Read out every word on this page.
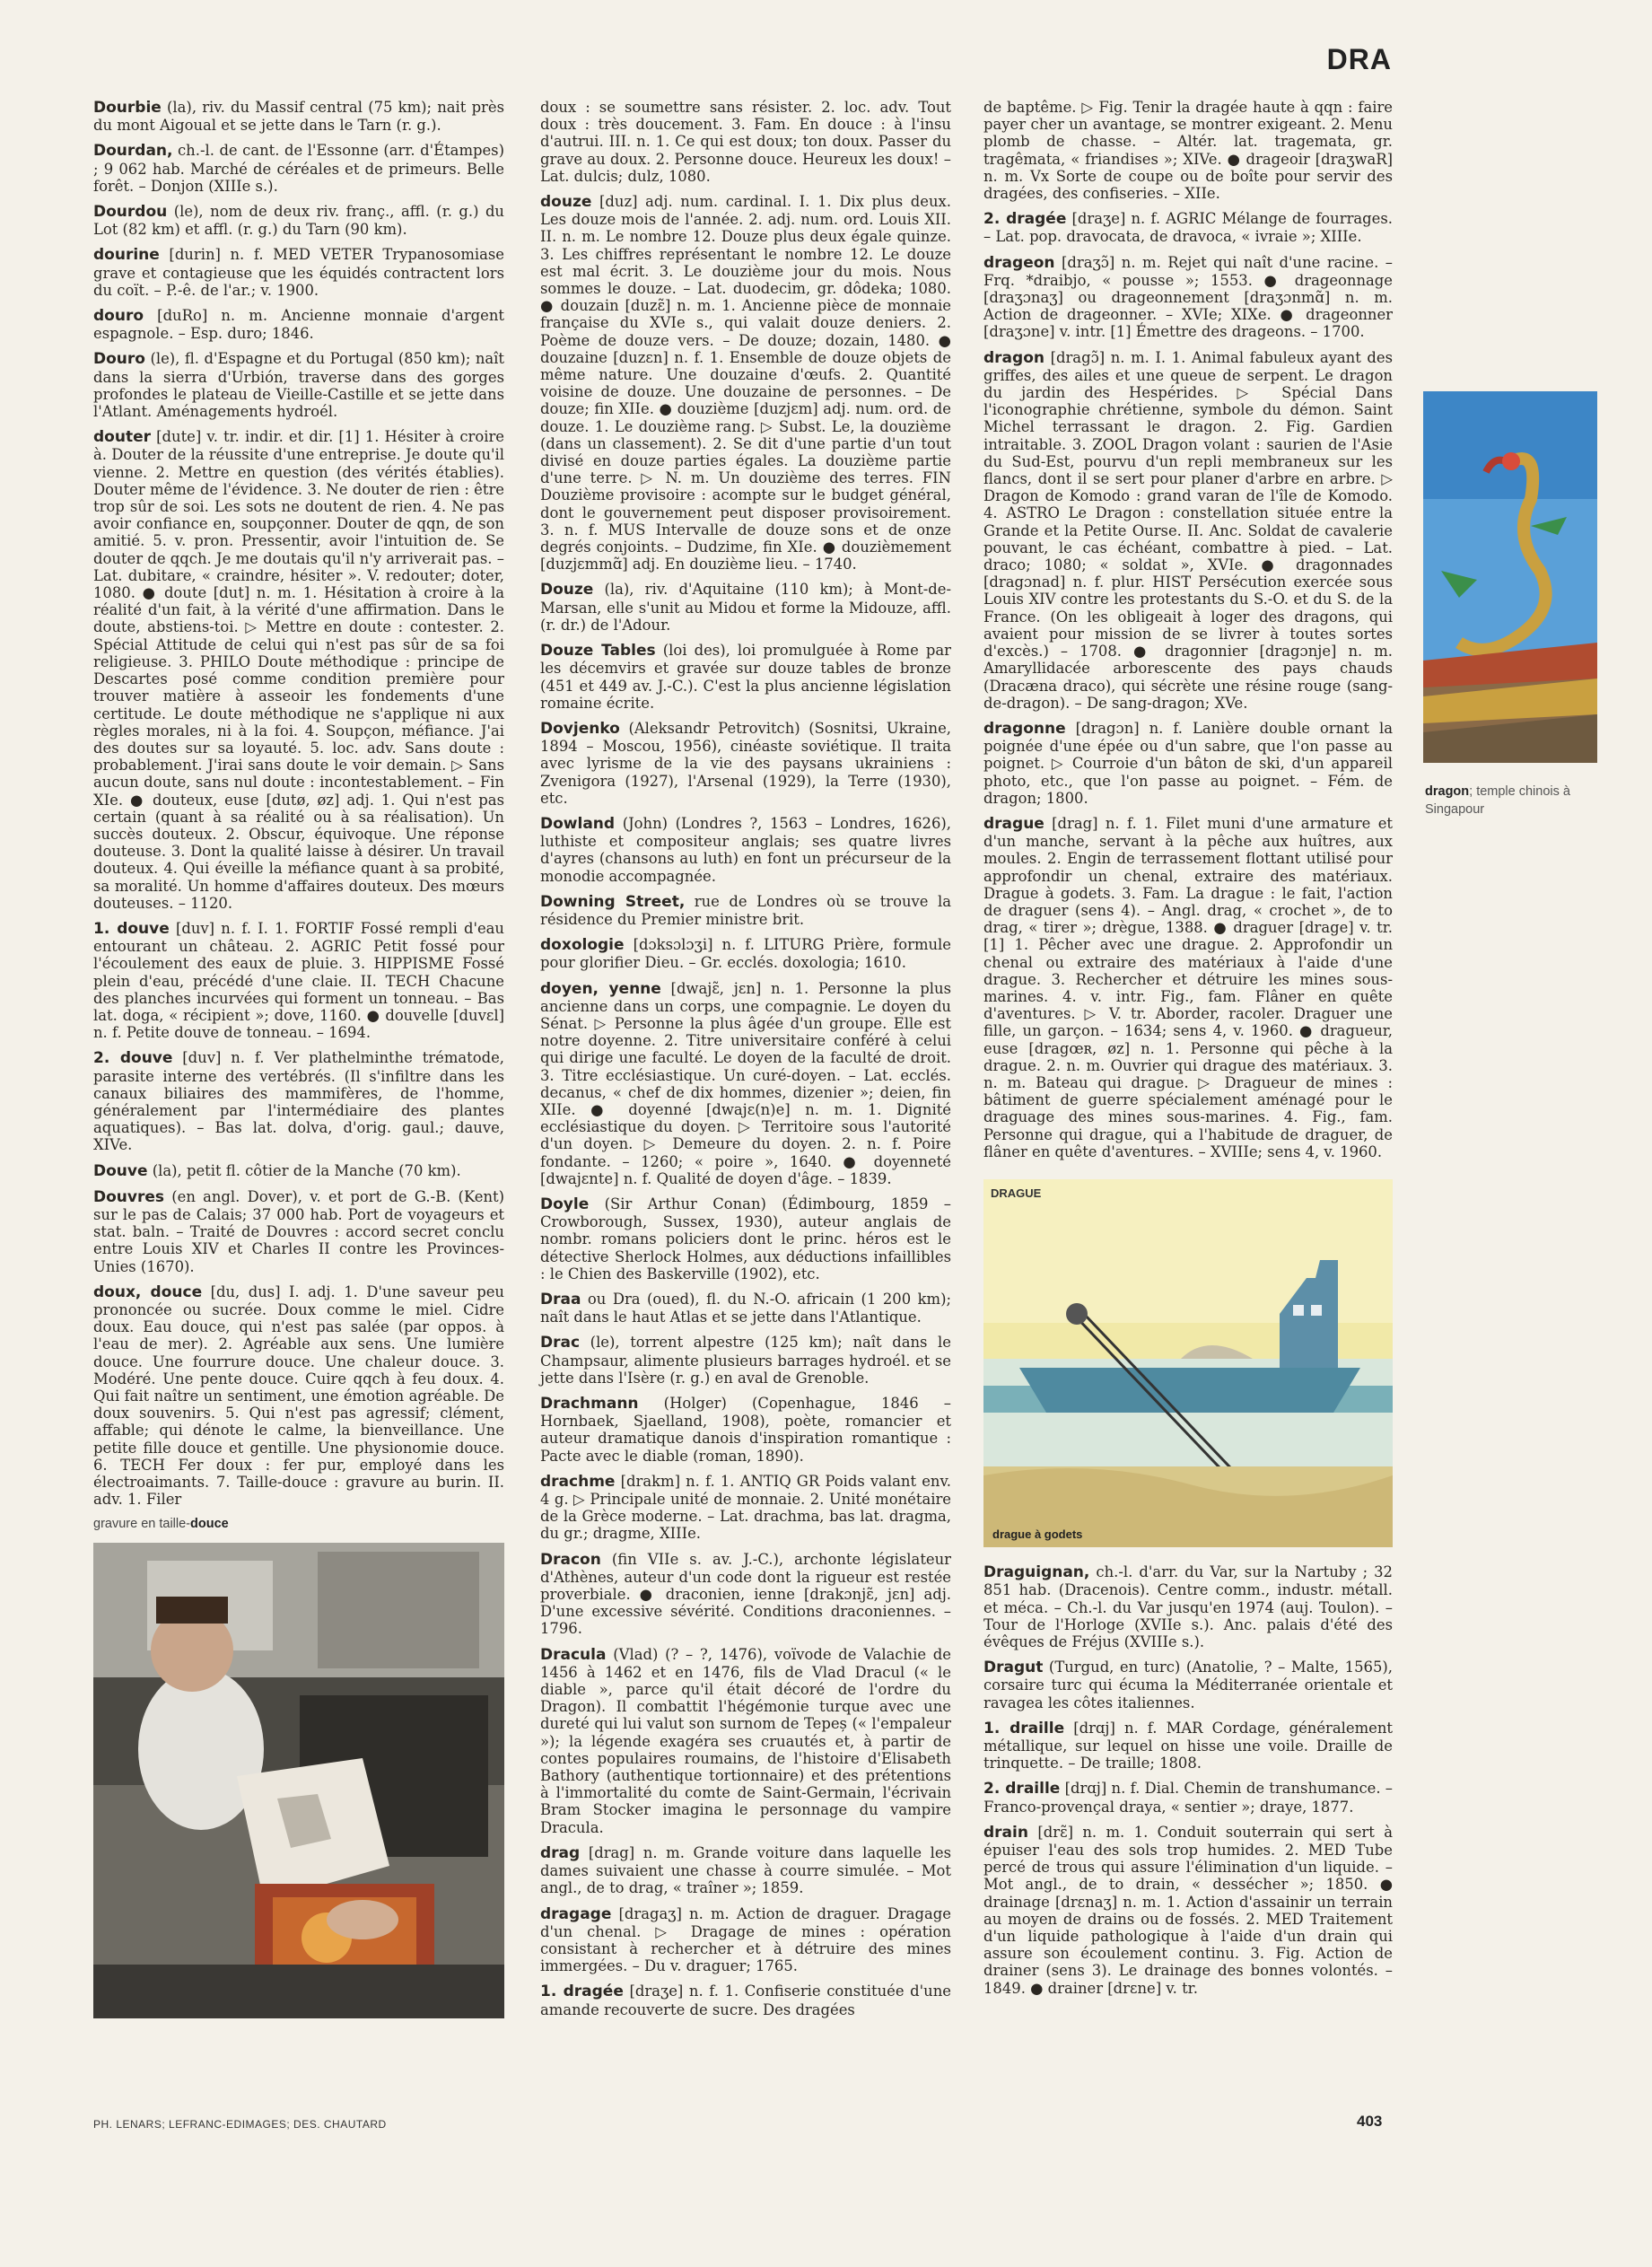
DRA

Dourbie (la), riv. du Massif central (75 km); nait près du mont Aigoual et se jette dans le Tarn (r. g.).

Dourdan, ch.-l. de cant. de l'Essonne (arr. d'Étampes) ; 9 062 hab. Marché de céréales et de primeurs. Belle forêt. – Donjon (XIIIe s.).

Dourdou (le), nom de deux riv. franç., affl. (r. g.) du Lot (82 km) et affl. (r. g.) du Tarn (90 km).

dourine [durin] n. f. MED VETER Trypanosomiase grave et contagieuse que les équidés contractent lors du coït. – P.-ê. de l'ar.; v. 1900.

douro [duRo] n. m. Ancienne monnaie d'argent espagnole. – Esp. duro; 1846.

Douro (le), fl. d'Espagne et du Portugal (850 km); naît dans la sierra d'Urbión, traverse dans des gorges profondes le plateau de Vieille-Castille et se jette dans l'Atlant. Aménagements hydroél.

douter [dute] v. tr. indir. et dir. [1] 1. Hésiter à croire à. Douter de la réussite d'une entreprise. Je doute qu'il vienne. 2. Mettre en question (des vérités établies). Douter même de l'évidence. 3. Ne douter de rien : être trop sûr de soi. Les sots ne doutent de rien. 4. Ne pas avoir confiance en, soupçonner. Douter de qqn, de son amitié. 5. v. pron. Pressentir, avoir l'intuition de. Se douter de qqch. Je me doutais qu'il n'y arriverait pas. – Lat. dubitare, « craindre, hésiter ». V. redouter; doter, 1080. ● doute [dut] n. m. 1. Hésitation à croire à la réalité d'un fait, à la vérité d'une affirmation. Dans le doute, abstiens-toi. ▷ Mettre en doute : contester. 2. Spécial Attitude de celui qui n'est pas sûr de sa foi religieuse. 3. PHILO Doute méthodique : principe de Descartes posé comme condition première pour trouver matière à asseoir les fondements d'une certitude. Le doute méthodique ne s'applique ni aux règles morales, ni à la foi. 4. Soupçon, méfiance. J'ai des doutes sur sa loyauté. 5. loc. adv. Sans doute : probablement. J'irai sans doute le voir demain. ▷ Sans aucun doute, sans nul doute : incontestablement. – Fin XIe. ● douteux, euse [dutø, øz] adj. 1. Qui n'est pas certain (quant à sa réalité ou à sa réalisation). Un succès douteux. 2. Obscur, équivoque. Une réponse douteuse. 3. Dont la qualité laisse à désirer. Un travail douteux. 4. Qui éveille la méfiance quant à sa probité, sa moralité. Un homme d'affaires douteux. Des mœurs douteuses. – 1120.

1. douve [duv] n. f. I. 1. FORTIF Fossé rempli d'eau entourant un château. 2. AGRIC Petit fossé pour l'écoulement des eaux de pluie. 3. HIPPISME Fossé plein d'eau, précédé d'une claie. II. TECH Chacune des planches incurvées qui forment un tonneau. – Bas lat. doga, « récipient »; dove, 1160. ● douvelle [duvɛl] n. f. Petite douve de tonneau. – 1694.

2. douve [duv] n. f. Ver plathelminthe trématode, parasite interne des vertébrés. (Il s'infiltre dans les canaux biliaires des mammifères, de l'homme, généralement par l'intermédiaire des plantes aquatiques). – Bas lat. dolva, d'orig. gaul.; dauve, XIVe.

Douve (la), petit fl. côtier de la Manche (70 km).

Douvres (en angl. Dover), v. et port de G.-B. (Kent) sur le pas de Calais; 37 000 hab. Port de voyageurs et stat. baln. – Traité de Douvres : accord secret conclu entre Louis XIV et Charles II contre les Provinces-Unies (1670).

doux, douce [du, dus] I. adj. 1. D'une saveur peu prononcée ou sucrée. Doux comme le miel. Cidre doux. Eau douce, qui n'est pas salée (par oppos. à l'eau de mer). 2. Agréable aux sens. Une lumière douce. Une fourrure douce. Une chaleur douce. 3. Modéré. Une pente douce. Cuire qqch à feu doux. 4. Qui fait naître un sentiment, une émotion agréable. De doux souvenirs. 5. Qui n'est pas agressif; clément, affable; qui dénote le calme, la bienveillance. Une petite fille douce et gentille. Une physionomie douce. 6. TECH Fer doux : fer pur, employé dans les électroaimants. 7. Taille-douce : gravure au burin. II. adv. 1. Filer

gravure en taille-douce

doux : se soumettre sans résister. 2. loc. adv. Tout doux : très doucement. 3. Fam. En douce : à l'insu d'autrui. III. n. 1. Ce qui est doux; ton doux. Passer du grave au doux. 2. Personne douce. Heureux les doux! – Lat. dulcis; dulz, 1080.

douze [duz] adj. num. cardinal. I. 1. Dix plus deux. Les douze mois de l'année. 2. adj. num. ord. Louis XII. II. n. m. Le nombre 12. Douze plus deux égale quinze. 3. Les chiffres représentant le nombre 12. Le douze est mal écrit. 3. Le douzième jour du mois. Nous sommes le douze. – Lat. duodecim, gr. dôdeka; 1080. ● douzain [duzɛ̃] n. m. 1. Ancienne pièce de monnaie française du XVIe s., qui valait douze deniers. 2. Poème de douze vers. – De douze; dozain, 1480. ● douzaine [duzɛn] n. f. 1. Ensemble de douze objets de même nature. Une douzaine d'œufs. 2. Quantité voisine de douze. Une douzaine de personnes. – De douze; fin XIIe. ● douzième [duzjɛm] adj. num. ord. de douze. 1. Le douzième rang. ▷ Subst. Le, la douzième (dans un classement). 2. Se dit d'une partie d'un tout divisé en douze parties égales. La douzième partie d'une terre. ▷ N. m. Un douzième des terres. FIN Douzième provisoire : acompte sur le budget général, dont le gouvernement peut disposer provisoirement. 3. n. f. MUS Intervalle de douze sons et de onze degrés conjoints. – Dudzime, fin XIe. ● douzièmement [duzjɛmmɑ̃] adj. En douzième lieu. – 1740.

Douze (la), riv. d'Aquitaine (110 km); à Mont-de-Marsan, elle s'unit au Midou et forme la Midouze, affl. (r. dr.) de l'Adour.

Douze Tables (loi des), loi promulguée à Rome par les décemvirs et gravée sur douze tables de bronze (451 et 449 av. J.-C.). C'est la plus ancienne législation romaine écrite.

Dovjenko (Aleksandr Petrovitch) (Sosnitsi, Ukraine, 1894 – Moscou, 1956), cinéaste soviétique. Il traita avec lyrisme de la vie des paysans ukrainiens : Zvenigora (1927), l'Arsenal (1929), la Terre (1930), etc.

Dowland (John) (Londres ?, 1563 – Londres, 1626), luthiste et compositeur anglais; ses quatre livres d'ayres (chansons au luth) en font un précurseur de la monodie accompagnée.

Downing Street, rue de Londres où se trouve la résidence du Premier ministre brit.

doxologie [dɔksɔlɔʒi] n. f. LITURG Prière, formule pour glorifier Dieu. – Gr. ecclés. doxologia; 1610.

doyen, yenne [dwajɛ̃, jɛn] n. 1. Personne la plus ancienne dans un corps, une compagnie. Le doyen du Sénat. ▷ Personne la plus âgée d'un groupe. Elle est notre doyenne. 2. Titre universitaire conféré à celui qui dirige une faculté. Le doyen de la faculté de droit. 3. Titre ecclésiastique. Un curé-doyen. – Lat. ecclés. decanus, « chef de dix hommes, dizenier »; deien, fin XIIe. ● doyenné [dwajɛ(n)e] n. m. 1. Dignité ecclésiastique du doyen. ▷ Territoire sous l'autorité d'un doyen. ▷ Demeure du doyen. 2. n. f. Poire fondante. – 1260; « poire », 1640. ● doyenneté [dwajɛnte] n. f. Qualité de doyen d'âge. – 1839.

Doyle (Sir Arthur Conan) (Édimbourg, 1859 – Crowborough, Sussex, 1930), auteur anglais de nombr. romans policiers dont le princ. héros est le détective Sherlock Holmes, aux déductions infaillibles : le Chien des Baskerville (1902), etc.

Draa ou Dra (oued), fl. du N.-O. africain (1 200 km); naît dans le haut Atlas et se jette dans l'Atlantique.

Drac (le), torrent alpestre (125 km); naît dans le Champsaur, alimente plusieurs barrages hydroél. et se jette dans l'Isère (r. g.) en aval de Grenoble.

Drachmann (Holger) (Copenhague, 1846 – Hornbaek, Sjaelland, 1908), poète, romancier et auteur dramatique danois d'inspiration romantique : Pacte avec le diable (roman, 1890).

drachme [drakm] n. f. 1. ANTIQ GR Poids valant env. 4 g. ▷ Principale unité de monnaie. 2. Unité monétaire de la Grèce moderne. – Lat. drachma, bas lat. dragma, du gr.; dragme, XIIIe.

Dracon (fin VIIe s. av. J.-C.), archonte législateur d'Athènes, auteur d'un code dont la rigueur est restée proverbiale. ● draconien, ienne [drakɔnjɛ̃, jɛn] adj. D'une excessive sévérité. Conditions draconiennes. – 1796.

Dracula (Vlad) (? – ?, 1476), voïvode de Valachie de 1456 à 1462 et en 1476, fils de Vlad Dracul (« le diable », parce qu'il était décoré de l'ordre du Dragon). Il combattit l'hégémonie turque avec une dureté qui lui valut son surnom de Tepeș (« l'empaleur »); la légende exagéra ses cruautés et, à partir de contes populaires roumains, de l'histoire d'Elisabeth Bathory (authentique tortionnaire) et des prétentions à l'immortalité du comte de Saint-Germain, l'écrivain Bram Stocker imagina le personnage du vampire Dracula.

drag [drag] n. m. Grande voiture dans laquelle les dames suivaient une chasse à courre simulée. – Mot angl., de to drag, « traîner »; 1859.

dragage [dragaʒ] n. m. Action de draguer. Dragage d'un chenal. ▷ Dragage de mines : opération consistant à rechercher et à détruire des mines immergées. – Du v. draguer; 1765.

1. dragée [draʒe] n. f. 1. Confiserie constituée d'une amande recouverte de sucre. Des dragées

de baptême. ▷ Fig. Tenir la dragée haute à qqn : faire payer cher un avantage, se montrer exigeant. 2. Menu plomb de chasse. – Altér. lat. tragemata, gr. tragêmata, « friandises »; XIVe. ● drageoir [draʒwaR] n. m. Vx Sorte de coupe ou de boîte pour servir des dragées, des confiseries. – XIIe.

2. dragée [draʒe] n. f. AGRIC Mélange de fourrages. – Lat. pop. dravocata, de dravoca, « ivraie »; XIIIe.

drageon [draʒɔ̃] n. m. Rejet qui naît d'une racine. – Frq. *draibjo, « pousse »; 1553. ● drageonnage [draʒɔnaʒ] ou drageonnement [draʒɔnmɑ̃] n. m. Action de drageonner. – XVIe; XIXe. ● drageonner [draʒɔne] v. intr. [1] Émettre des drageons. – 1700.

dragon [dragɔ̃] n. m. I. 1. Animal fabuleux ayant des griffes, des ailes et une queue de serpent. Le dragon du jardin des Hespérides. ▷ Spécial Dans l'iconographie chrétienne, symbole du démon. Saint Michel terrassant le dragon. 2. Fig. Gardien intraitable. 3. ZOOL Dragon volant : saurien de l'Asie du Sud-Est, pourvu d'un repli membraneux sur les flancs, dont il se sert pour planer d'arbre en arbre. ▷ Dragon de Komodo : grand varan de l'île de Komodo. 4. ASTRO Le Dragon : constellation située entre la Grande et la Petite Ourse. II. Anc. Soldat de cavalerie pouvant, le cas échéant, combattre à pied. – Lat. draco; 1080; « soldat », XVIe. ● dragonnades [dragɔnad] n. f. plur. HIST Persécution exercée sous Louis XIV contre les protestants du S.-O. et du S. de la France. (On les obligeait à loger des dragons, qui avaient pour mission de se livrer à toutes sortes d'excès.) – 1708. ● dragonnier [dragɔnje] n. m. Amaryllidacée arborescente des pays chauds (Dracæna draco), qui sécrète une résine rouge (sang-de-dragon). – De sang-dragon; XVe.

dragonne [dragɔn] n. f. Lanière double ornant la poignée d'une épée ou d'un sabre, que l'on passe au poignet. ▷ Courroie d'un bâton de ski, d'un appareil photo, etc., que l'on passe au poignet. – Fém. de dragon; 1800.

drague [drag] n. f. 1. Filet muni d'une armature et d'un manche, servant à la pêche aux huîtres, aux moules. 2. Engin de terrassement flottant utilisé pour approfondir un chenal, extraire des matériaux. Drague à godets. 3. Fam. La drague : le fait, l'action de draguer (sens 4). – Angl. drag, « crochet », de to drag, « tirer »; drègue, 1388. ● draguer [drage] v. tr. [1] 1. Pêcher avec une drague. 2. Approfondir un chenal ou extraire des matériaux à l'aide d'une drague. 3. Rechercher et détruire les mines sous-marines. 4. v. intr. Fig., fam. Flâner en quête d'aventures. ▷ V. tr. Aborder, racoler. Draguer une fille, un garçon. – 1634; sens 4, v. 1960. ● dragueur, euse [dragœʀ, øz] n. 1. Personne qui pêche à la drague. 2. n. m. Ouvrier qui drague des matériaux. 3. n. m. Bateau qui drague. ▷ Dragueur de mines : bâtiment de guerre spécialement aménagé pour le draguage des mines sous-marines. 4. Fig., fam. Personne qui drague, qui a l'habitude de draguer, de flâner en quête d'aventures. – XVIIIe; sens 4, v. 1960.

DRAGUE
drague à godets

Draguignan, ch.-l. d'arr. du Var, sur la Nartuby ; 32 851 hab. (Dracenois). Centre comm., industr. métall. et méca. – Ch.-l. du Var jusqu'en 1974 (auj. Toulon). – Tour de l'Horloge (XVIIe s.). Anc. palais d'été des évêques de Fréjus (XVIIIe s.).

Dragut (Turgud, en turc) (Anatolie, ? – Malte, 1565), corsaire turc qui écuma la Méditerranée orientale et ravagea les côtes italiennes.

1. draille [drɑj] n. f. MAR Cordage, généralement métallique, sur lequel on hisse une voile. Draille de trinquette. – De traille; 1808.

2. draille [drɑj] n. f. Dial. Chemin de transhumance. – Franco-provençal draya, « sentier »; draye, 1877.

drain [drɛ̃] n. m. 1. Conduit souterrain qui sert à épuiser l'eau des sols trop humides. 2. MED Tube percé de trous qui assure l'élimination d'un liquide. – Mot angl., de to drain, « dessécher »; 1850. ● drainage [drɛnaʒ] n. m. 1. Action d'assainir un terrain au moyen de drains ou de fossés. 2. MED Traitement d'un liquide pathologique à l'aide d'un drain qui assure son écoulement continu. 3. Fig. Action de drainer (sens 3). Le drainage des bonnes volontés. – 1849. ● drainer [drɛne] v. tr.

dragon; temple chinois à Singapour
PH. LENARS; LEFRANC-EDIMAGES; DES. CHAUTARD	403
